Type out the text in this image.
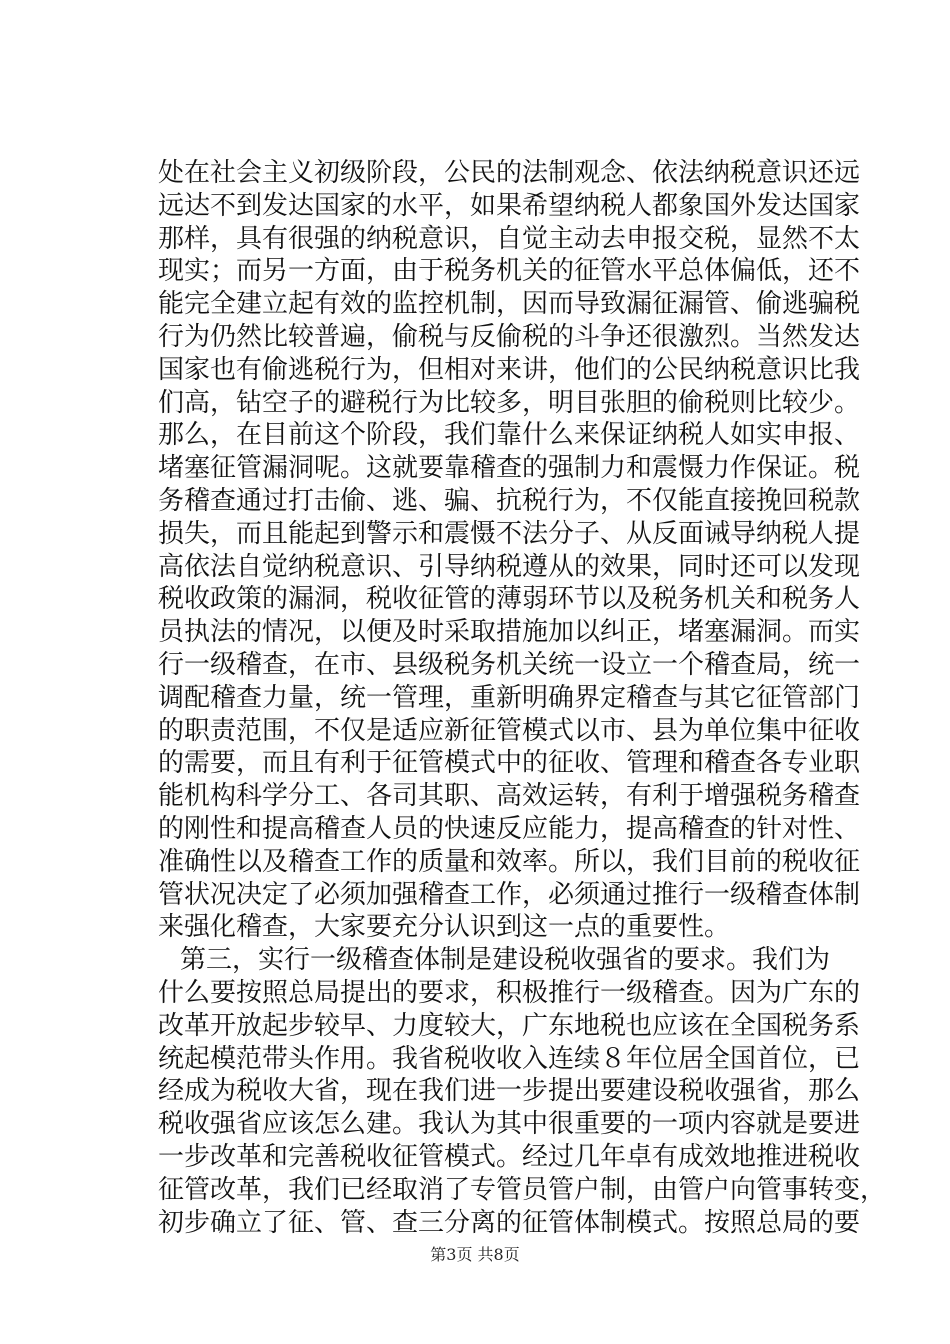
处在社会主义初级阶段，公民的法制观念、依法纳税意识还远
远达不到发达国家的水平，如果希望纳税人都象国外发达国家
那样，具有很强的纳税意识，自觉主动去申报交税，显然不太
现实；而另一方面，由于税务机关的征管水平总体偏低，还不
能完全建立起有效的监控机制，因而导致漏征漏管、偷逃骗税
行为仍然比较普遍，偷税与反偷税的斗争还很激烈。当然发达
国家也有偷逃税行为，但相对来讲，他们的公民纳税意识比我
们高，钻空子的避税行为比较多，明目张胆的偷税则比较少。
那么，在目前这个阶段，我们靠什么来保证纳税人如实申报、
堵塞征管漏洞呢。这就要靠稽查的强制力和震慑力作保证。税
务稽查通过打击偷、逃、骗、抗税行为，不仅能直接挽回税款
损失，而且能起到警示和震慑不法分子、从反面诫导纳税人提
高依法自觉纳税意识、引导纳税遵从的效果，同时还可以发现
税收政策的漏洞，税收征管的薄弱环节以及税务机关和税务人
员执法的情况，以便及时采取措施加以纠正，堵塞漏洞。而实
行一级稽查，在市、县级税务机关统一设立一个稽查局，统一
调配稽查力量，统一管理，重新明确界定稽查与其它征管部门
的职责范围，不仅是适应新征管模式以市、县为单位集中征收
的需要，而且有利于征管模式中的征收、管理和稽查各专业职
能机构科学分工、各司其职、高效运转，有利于增强税务稽查
的刚性和提高稽查人员的快速反应能力，提高稽查的针对性、
准确性以及稽查工作的质量和效率。所以，我们目前的税收征
管状况决定了必须加强稽查工作，必须通过推行一级稽查体制
来强化稽查，大家要充分认识到这一点的重要性。
第三，实行一级稽查体制是建设税收强省的要求。我们为
什么要按照总局提出的要求，积极推行一级稽查。因为广东的
改革开放起步较早、力度较大，广东地税也应该在全国税务系
统起模范带头作用。我省税收收入连续８年位居全国首位，已
经成为税收大省，现在我们进一步提出要建设税收强省，那么
税收强省应该怎么建。我认为其中很重要的一项内容就是要进
一步改革和完善税收征管模式。经过几年卓有成效地推进税收
征管改革，我们已经取消了专管员管户制，由管户向管事转变，
初步确立了征、管、查三分离的征管体制模式。按照总局的要
第3页 共8页
